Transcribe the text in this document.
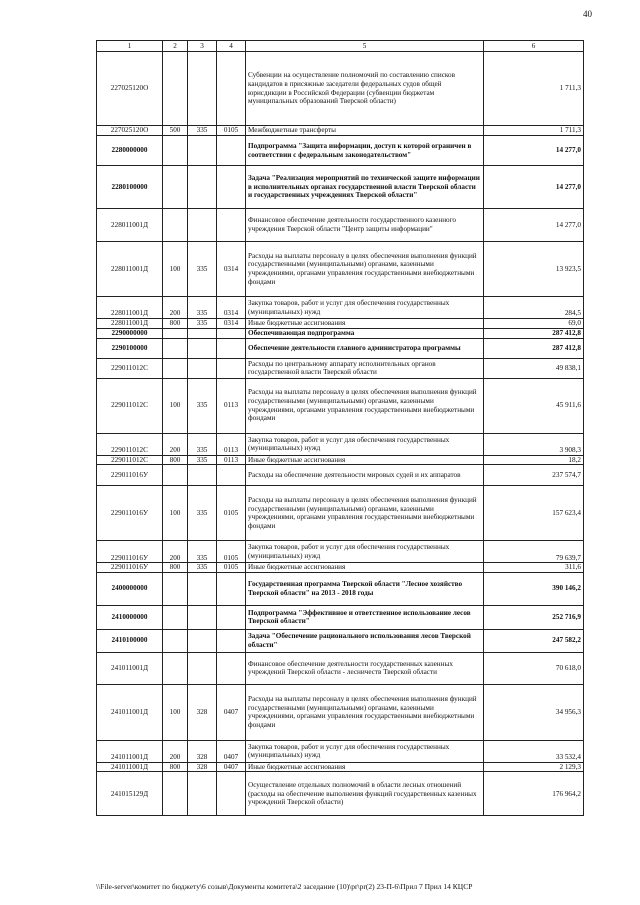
40
1	2	3	4	5	6
227025120О				Субвенции на осуществление полномочий по составлению списков кандидатов в присяжные заседатели федеральных судов общей юрисдикции в Российской Федерации (субвенции бюджетам муниципальных образований Тверской области)	1 711,3
227025120О	500	335	0105	Межбюджетные трансферты	1 711,3
2280000000				Подпрограмма "Защита информации, доступ к которой ограничен в соответствии с федеральным законодательством"	14 277,0
2280100000				Задача "Реализация мероприятий по технической защите информации в исполнительных органах государственной власти Тверской области и государственных учреждениях Тверской области"	14 277,0
228011001Д				Финансовое обеспечение деятельности государственного казенного учреждения Тверской области "Центр защиты информации"	14 277,0
228011001Д	100	335	0314	Расходы на выплаты персоналу в целях обеспечения выполнения функций государственными (муниципальными) органами, казенными учреждениями, органами управления государственными внебюджетными фондами	13 923,5
228011001Д	200	335	0314	Закупка товаров, работ и услуг для обеспечения государственных (муниципальных) нужд	284,5
228011001Д	800	335	0314	Иные бюджетные ассигнования	69,0
2290000000				Обеспечивающая подпрограмма	287 412,8
2290100000				Обеспечение деятельности главного администратора программы	287 412,8
229011012С				Расходы по центральному аппарату исполнительных органов государственной власти Тверской области	49 838,1
229011012С	100	335	0113	Расходы на выплаты персоналу в целях обеспечения выполнения функций государственными (муниципальными) органами, казенными учреждениями, органами управления государственными внебюджетными фондами	45 911,6
229011012С	200	335	0113	Закупка товаров, работ и услуг для обеспечения государственных (муниципальных) нужд	3 908,3
229011012С	800	335	0113	Иные бюджетные ассигнования	18,2
229011016У				Расходы на обеспечение деятельности мировых судей и их аппаратов	237 574,7
229011016У	100	335	0105	Расходы на выплаты персоналу в целях обеспечения выполнения функций государственными (муниципальными) органами, казенными учреждениями, органами управления государственными внебюджетными фондами	157 623,4
229011016У	200	335	0105	Закупка товаров, работ и услуг для обеспечения государственных (муниципальных) нужд	79 639,7
229011016У	800	335	0105	Иные бюджетные ассигнования	311,6
2400000000				Государственная программа Тверской области "Лесное хозяйство Тверской области" на 2013 - 2018 годы	390 146,2
2410000000				Подпрограмма "Эффективное и ответственное использование лесов Тверской области"	252 716,9
2410100000				Задача "Обеспечение рационального использования лесов Тверской области"	247 582,2
241011001Д				Финансовое обеспечение деятельности государственных казенных учреждений Тверской области - лесничеств Тверской области	70 618,0
241011001Д	100	328	0407	Расходы на выплаты персоналу в целях обеспечения выполнения функций государственными (муниципальными) органами, казенными учреждениями, органами управления государственными внебюджетными фондами	34 956,3
241011001Д	200	328	0407	Закупка товаров, работ и услуг для обеспечения государственных (муниципальных) нужд	33 532,4
241011001Д	800	328	0407	Иные бюджетные ассигнования	2 129,3
241015129Д				Осуществление отдельных полномочий в области лесных отношений (расходы на обеспечение выполнения функций государственных казенных учреждений Тверской области)	176 964,2
\\File-server\комитет по бюджету\6 созыв\Документы комитета\2 заседание (10)\pr\pr(2) 23-П-6\Прил 7 Прил 14 КЦСР
